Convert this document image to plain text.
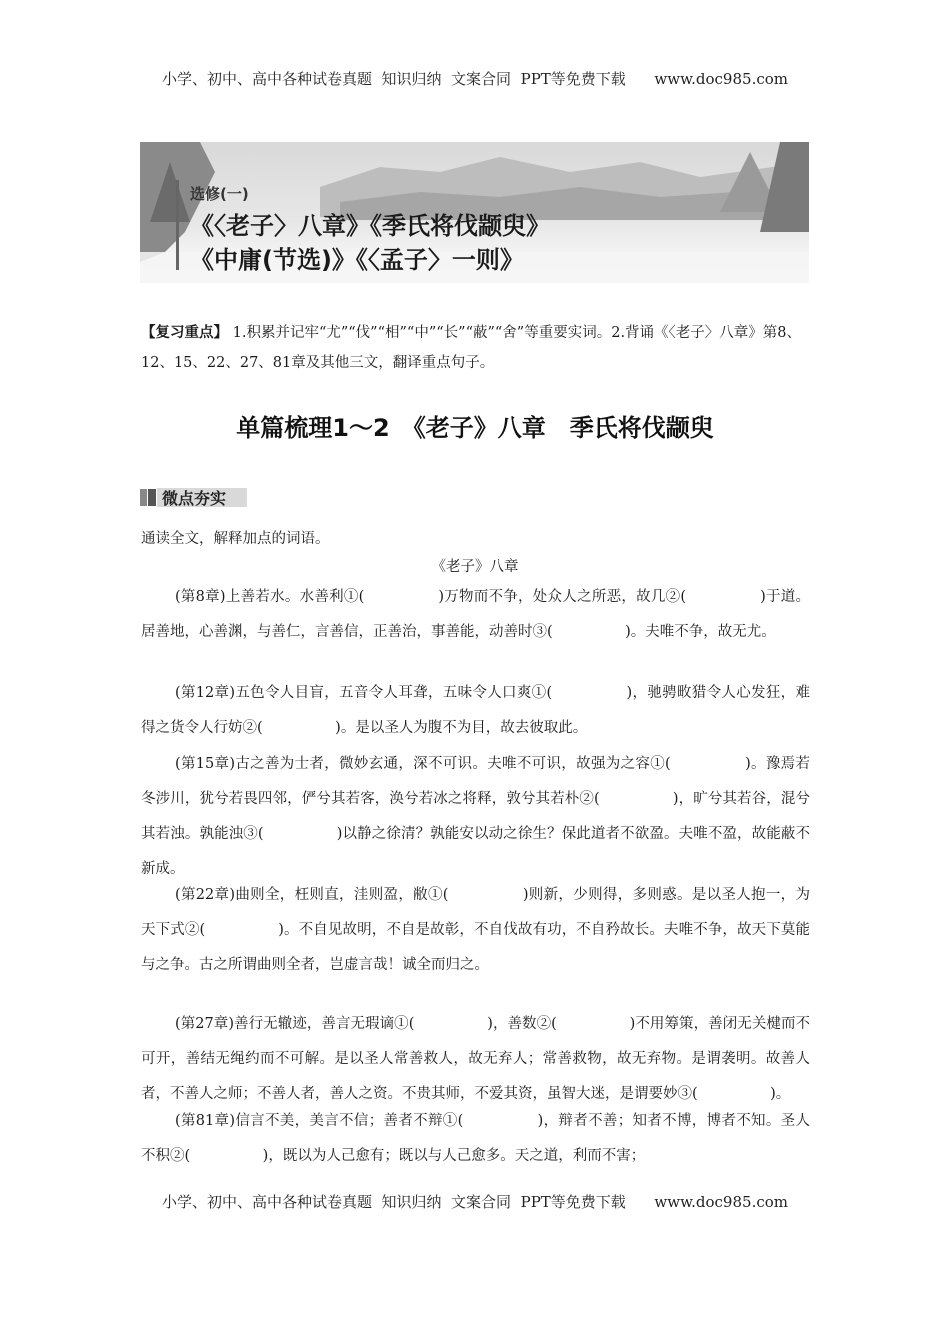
小学、初中、高中各种试卷真题  知识归纳  文案合同  PPT等免费下载      www.doc985.com
选修(一)
《〈老子〉八章》《季氏将伐颛臾》
《中庸(节选)》《〈孟子〉一则》
【复习重点】 1.积累并记牢“尤”“伐”“相”“中”“长”“蔽”“舍”等重要实词。2.背诵《〈老子〉八章》第8、12、15、22、27、81章及其他三文，翻译重点句子。
单篇梳理1～2　《老子》八章　季氏将伐颛臾
微点夯实
通读全文，解释加点的词语。
《老子》八章
(第8章)上善若水。水善利①(　　　　　)万物而不争，处众人之所恶，故几②(　　　　　)于道。居善地，心善渊，与善仁，言善信，正善治，事善能，动善时③(　　　　　)。夫唯不争，故无尤。
(第12章)五色令人目盲，五音令人耳聋，五味令人口爽①(　　　　　)，驰骋畋猎令人心发狂，难得之货令人行妨②(　　　　　)。是以圣人为腹不为目，故去彼取此。
(第15章)古之善为士者，微妙玄通，深不可识。夫唯不可识，故强为之容①(　　　　　)。豫焉若冬涉川，犹兮若畏四邻，俨兮其若客，涣兮若冰之将释，敦兮其若朴②(　　　　　)，旷兮其若谷，混兮其若浊。孰能浊③(　　　　　)以静之徐清？孰能安以动之徐生？保此道者不欲盈。夫唯不盈，故能蔽不新成。
(第22章)曲则全，枉则直，洼则盈，敝①(　　　　　)则新，少则得，多则惑。是以圣人抱一，为天下式②(　　　　　)。不自见故明，不自是故彰，不自伐故有功，不自矜故长。夫唯不争，故天下莫能与之争。古之所谓曲则全者，岂虚言哉！诚全而归之。
(第27章)善行无辙迹，善言无瑕谪①(　　　　　)，善数②(　　　　　)不用筹策，善闭无关楗而不可开，善结无绳约而不可解。是以圣人常善救人，故无弃人；常善救物，故无弃物。是谓袭明。故善人者，不善人之师；不善人者，善人之资。不贵其师，不爱其资，虽智大迷，是谓要妙③(　　　　　)。
(第81章)信言不美，美言不信；善者不辩①(　　　　　)，辩者不善；知者不博，博者不知。圣人不积②(　　　　　)，既以为人己愈有；既以与人己愈多。天之道，利而不害；
小学、初中、高中各种试卷真题  知识归纳  文案合同  PPT等免费下载      www.doc985.com
